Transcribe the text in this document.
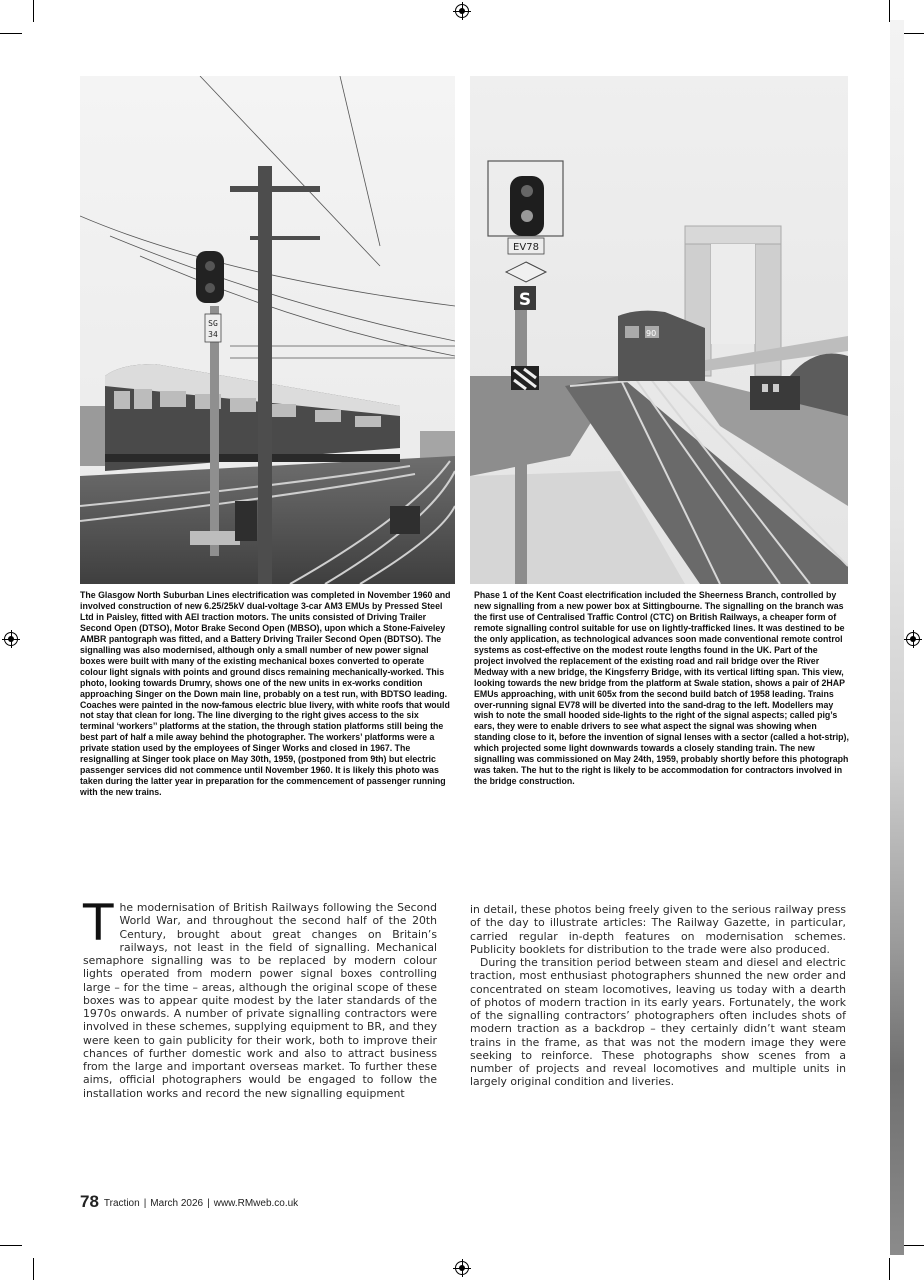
SG
34	90
EV78
S

The Glasgow North Suburban Lines electrification was completed in November 1960 and involved construction of new 6.25/25kV dual-voltage 3-car AM3 EMUs by Pressed Steel Ltd in Paisley, fitted with AEI traction motors. The units consisted of Driving Trailer Second Open (DTSO), Motor Brake Second Open (MBSO), upon which a Stone-Faiveley AMBR pantograph was fitted, and a Battery Driving Trailer Second Open (BDTSO). The signalling was also modernised, although only a small number of new power signal boxes were built with many of the existing mechanical boxes converted to operate colour light signals with points and ground discs remaining mechanically-worked. This photo, looking towards Drumry, shows one of the new units in ex-works condition approaching Singer on the Down main line, probably on a test run, with BDTSO leading. Coaches were painted in the now-famous electric blue livery, with white roofs that would not stay that clean for long. The line diverging to the right gives access to the six terminal ‘workers’’ platforms at the station, the through station platforms still being the best part of half a mile away behind the photographer. The workers’ platforms were a private station used by the employees of Singer Works and closed in 1967. The resignalling at Singer took place on May 30th, 1959, (postponed from 9th) but electric passenger services did not commence until November 1960. It is likely this photo was taken during the latter year in preparation for the commencement of passenger running with the new trains.

Phase 1 of the Kent Coast electrification included the Sheerness Branch, controlled by new signalling from a new power box at Sittingbourne. The signalling on the branch was the first use of Centralised Traffic Control (CTC) on British Railways, a cheaper form of remote signalling control suitable for use on lightly-trafficked lines. It was destined to be the only application, as technological advances soon made conventional remote control systems as cost-effective on the modest route lengths found in the UK. Part of the project involved the replacement of the existing road and rail bridge over the River Medway with a new bridge, the Kingsferry Bridge, with its vertical lifting span. This view, looking towards the new bridge from the platform at Swale station, shows a pair of 2HAP EMUs approaching, with unit 605x from the second build batch of 1958 leading. Trains over-running signal EV78 will be diverted into the sand-drag to the left. Modellers may wish to note the small hooded side-lights to the right of the signal aspects; called pig’s ears, they were to enable drivers to see what aspect the signal was showing when standing close to it, before the invention of signal lenses with a sector (called a hot-strip), which projected some light downwards towards a closely standing train. The new signalling was commissioned on May 24th, 1959, probably shortly before this photograph was taken. The hut to the right is likely to be accommodation for contractors involved in the bridge construction.

The modernisation of British Railways following the Second World War, and throughout the second half of the 20th Century, brought about great changes on Britain’s railways, not least in the field of signalling. Mechanical semaphore signalling was to be replaced by modern colour lights operated from modern power signal boxes controlling large – for the time – areas, although the original scope of these boxes was to appear quite modest by the later standards of the 1970s onwards. A number of private signalling contractors were involved in these schemes, supplying equipment to BR, and they were keen to gain publicity for their work, both to improve their chances of further domestic work and also to attract business from the large and important overseas market. To further these aims, official photographers would be engaged to follow the installation works and record the new signalling equipment

in detail, these photos being freely given to the serious railway press of the day to illustrate articles: The Railway Gazette, in particular, carried regular in-depth features on modernisation schemes. Publicity booklets for distribution to the trade were also produced.

During the transition period between steam and diesel and electric traction, most enthusiast photographers shunned the new order and concentrated on steam locomotives, leaving us today with a dearth of photos of modern traction in its early years. Fortunately, the work of the signalling contractors’ photographers often includes shots of modern traction as a backdrop – they certainly didn’t want steam trains in the frame, as that was not the modern image they were seeking to reinforce. These photographs show scenes from a number of projects and reveal locomotives and multiple units in largely original condition and liveries.

78 Traction | March 2026 | www.RMweb.co.uk
